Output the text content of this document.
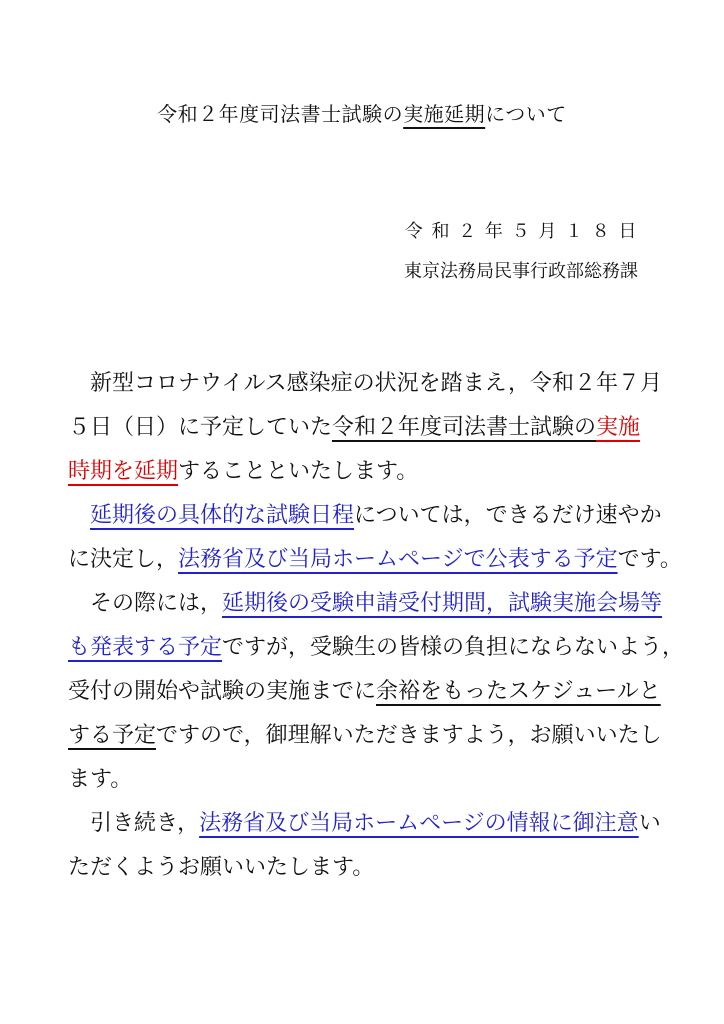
令和２年度司法書士試験の実施延期について
令 和 ２ 年 ５ 月 １ ８ 日
東京法務局民事行政部総務課
　新型コロナウイルス感染症の状況を踏まえ，令和２年７月
５日（日）に予定していた令和２年度司法書士試験の実施
時期を延期することといたします。
　延期後の具体的な試験日程については，できるだけ速やか
に決定し，法務省及び当局ホームページで公表する予定です。
　その際には，延期後の受験申請受付期間，試験実施会場等
も発表する予定ですが，受験生の皆様の負担にならないよう，
受付の開始や試験の実施までに余裕をもったスケジュールと
する予定ですので，御理解いただきますよう，お願いいたし
ます。
　引き続き，法務省及び当局ホームページの情報に御注意い
ただくようお願いいたします。
